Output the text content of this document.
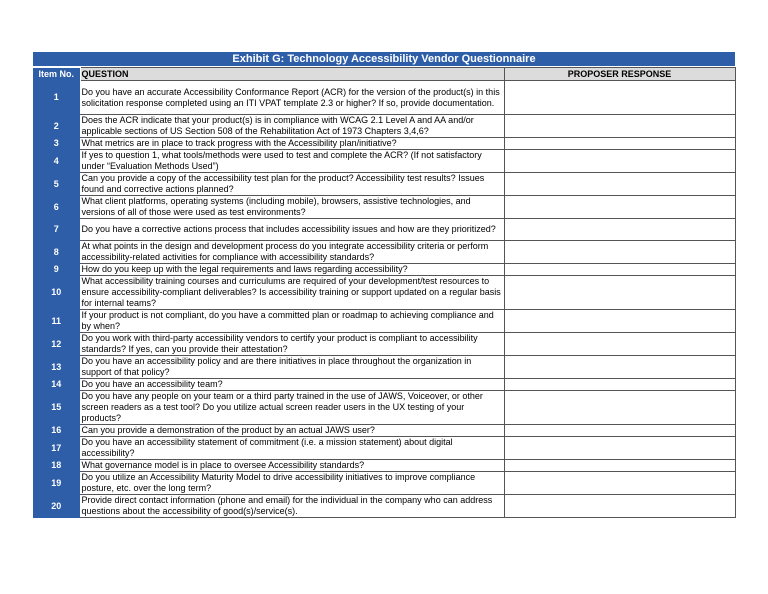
Exhibit G: Technology Accessibility Vendor Questionnaire
Item No.	QUESTION	PROPOSER RESPONSE
1	Do you have an accurate Accessibility Conformance Report (ACR) for the version of the product(s) in this solicitation response completed using an ITI VPAT template 2.3 or higher? If so, provide documentation.	
2	Does the ACR indicate that your product(s) is in compliance with WCAG 2.1 Level A and AA and/or applicable sections of US Section 508 of the Rehabilitation Act of 1973 Chapters 3,4,6?	
3	What metrics are in place to track progress with the Accessibility plan/initiative?	
4	If yes to question 1, what tools/methods were used to test and complete the ACR? (If not satisfactory under “Evaluation Methods Used”)	
5	Can you provide a copy of the accessibility test plan for the product? Accessibility test results? Issues found and corrective actions planned?	
6	What client platforms, operating systems (including mobile), browsers, assistive technologies, and versions of all of those were used as test environments?	
7	Do you have a corrective actions process that includes accessibility issues and how are they prioritized?	
8	At what points in the design and development process do you integrate accessibility criteria or perform accessibility-related activities for compliance with accessibility standards?	
9	How do you keep up with the legal requirements and laws regarding accessibility?	
10	What accessibility training courses and curriculums are required of your development/test resources to ensure accessibility-compliant deliverables? Is accessibility training or support updated on a regular basis for internal teams?	
11	If your product is not compliant, do you have a committed plan or roadmap to achieving compliance and by when?	
12	Do you work with third-party accessibility vendors to certify your product is compliant to accessibility standards? If yes, can you provide their attestation?	
13	Do you have an accessibility policy and are there initiatives in place throughout the organization in support of that policy?	
14	Do you have an accessibility team?	
15	Do you have any people on your team or a third party trained in the use of JAWS, Voiceover, or other screen readers as a test tool? Do you utilize actual screen reader users in the UX testing of your products?	
16	Can you provide a demonstration of the product by an actual JAWS user?	
17	Do you have an accessibility statement of commitment (i.e. a mission statement) about digital accessibility?	
18	What governance model is in place to oversee Accessibility standards?	
19	Do you utilize an Accessibility Maturity Model to drive accessibility initiatives to improve compliance posture, etc. over the long term?	
20	Provide direct contact information (phone and email) for the individual in the company who can address questions about the accessibility of good(s)/service(s).	
